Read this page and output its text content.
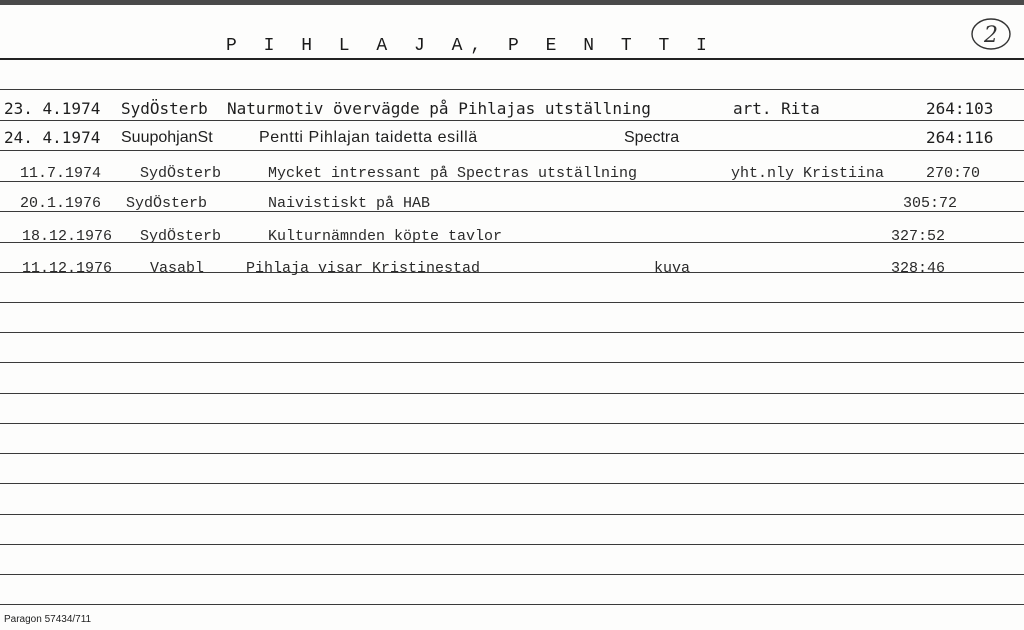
P I H L A J A, P E N T T I	2
23. 4.1974 SydÖsterb Naturmotiv övervägde på Pihlajas utställning	art. Rita	264:103
24. 4.1974 SuupohjanSt	Pentti Pihlajan taidetta esillä	Spectra	264:116
11.7.1974	SydÖsterb	Mycket intressant på Spectras utställning	yht.nly Kristiina	270:70
20.1.1976 SydÖsterb	Naivistiskt på HAB	305:72
18.12.1976 SydÖsterb	Kulturnämnden köpte tavlor	327:52
11.12.1976	Vasabl	Pihlaja visar Kristinestad	kuva	328:46
Paragon 57434/711
